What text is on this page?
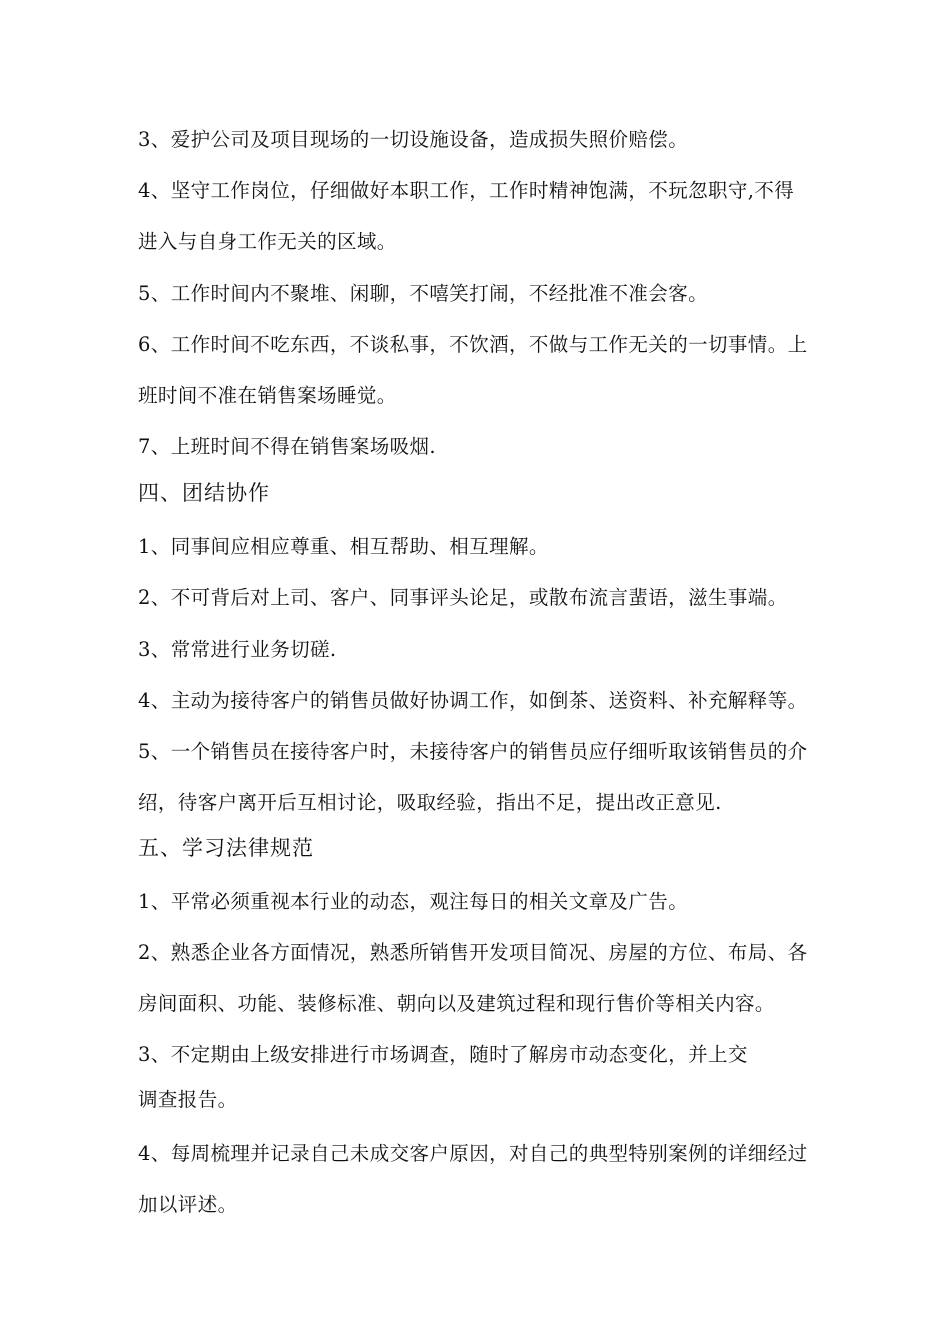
3、爱护公司及项目现场的一切设施设备，造成损失照价赔偿。
4、坚守工作岗位，仔细做好本职工作，工作时精神饱满，不玩忽职守,不得
进入与自身工作无关的区域。
5、工作时间内不聚堆、闲聊，不嘻笑打闹，不经批准不准会客。
6、工作时间不吃东西，不谈私事，不饮酒，不做与工作无关的一切事情。上
班时间不准在销售案场睡觉。
7、上班时间不得在销售案场吸烟.
四、团结协作
1、同事间应相应尊重、相互帮助、相互理解。
2、不可背后对上司、客户、同事评头论足，或散布流言蜚语，滋生事端。
3、常常进行业务切磋.
4、主动为接待客户的销售员做好协调工作，如倒茶、送资料、补充解释等。
5、一个销售员在接待客户时，未接待客户的销售员应仔细听取该销售员的介
绍，待客户离开后互相讨论，吸取经验，指出不足，提出改正意见.
五、学习法律规范
1、平常必须重视本行业的动态，观注每日的相关文章及广告。
2、熟悉企业各方面情况，熟悉所销售开发项目简况、房屋的方位、布局、各
房间面积、功能、装修标准、朝向以及建筑过程和现行售价等相关内容。
3、不定期由上级安排进行市场调查，随时了解房市动态变化，并上交
调查报告。
4、每周梳理并记录自己未成交客户原因，对自己的典型特别案例的详细经过
加以评述。
